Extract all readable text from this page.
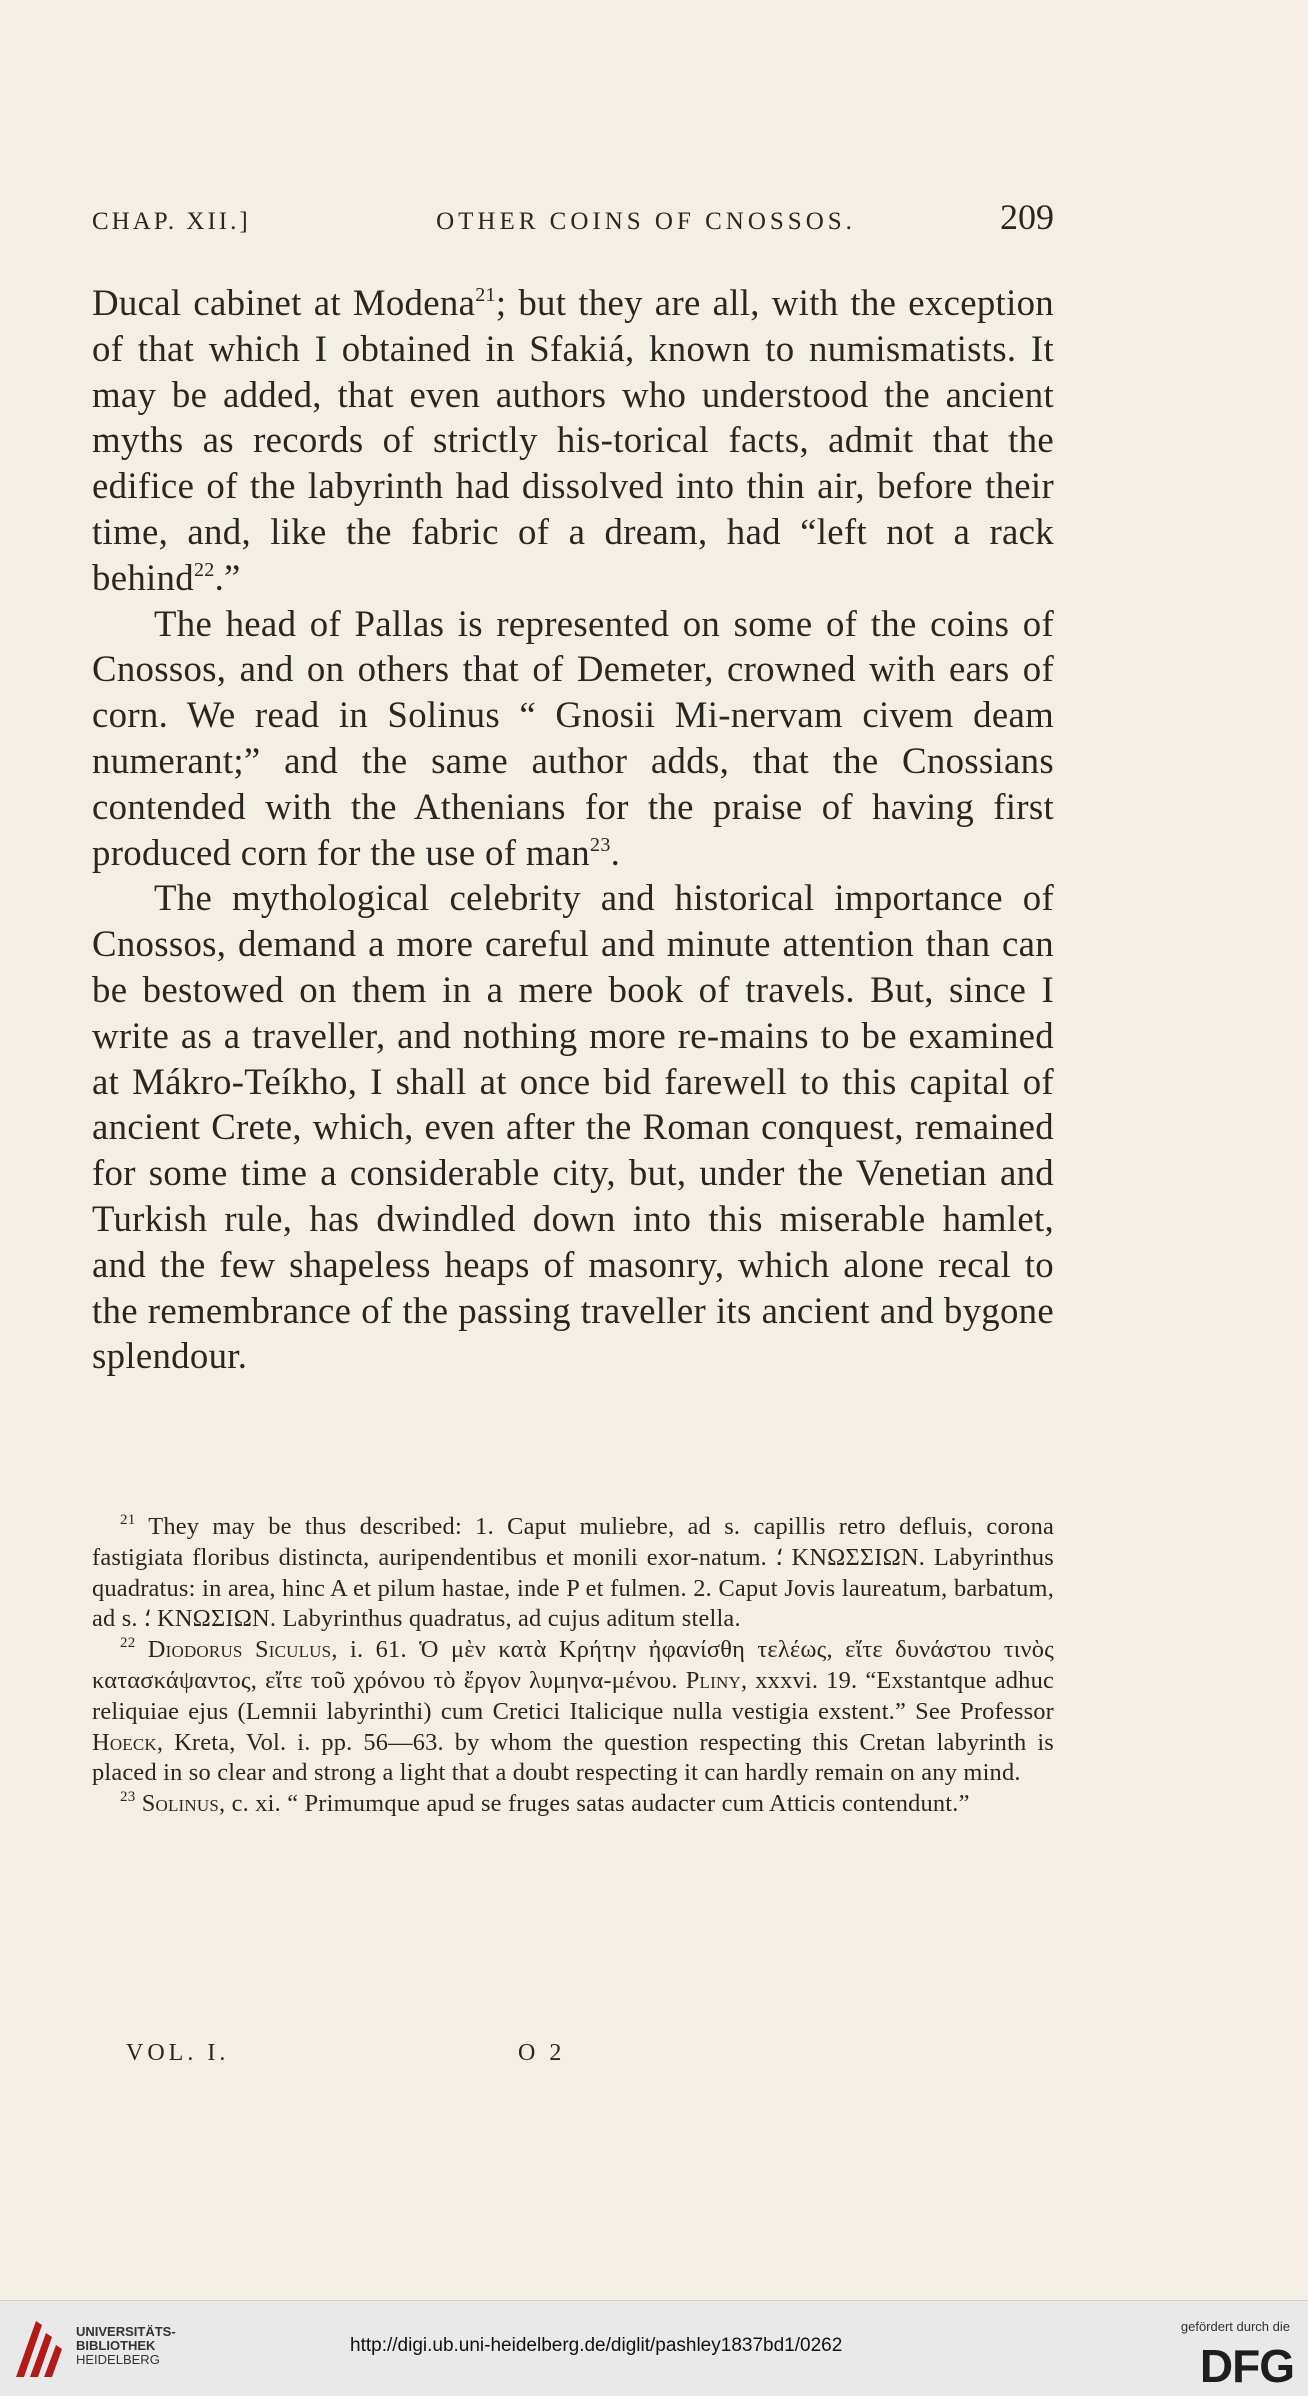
CHAP. XII.]	OTHER COINS OF CNOSSOS.	209

Ducal cabinet at Modena$^{21}$; but they are all, with the exception of that which I obtained in Sfakiá, known to numismatists. It may be added, that even authors who understood the ancient myths as records of strictly his-torical facts, admit that the edifice of the labyrinth had dissolved into thin air, before their time, and, like the fabric of a dream, had “left not a rack behind$^{22}$.”

The head of Pallas is represented on some of the coins of Cnossos, and on others that of Demeter, crowned with ears of corn. We read in Solinus “ Gnosii Mi-nervam civem deam numerant;” and the same author adds, that the Cnossians contended with the Athenians for the praise of having first produced corn for the use of man$^{23}$.

The mythological celebrity and historical importance of Cnossos, demand a more careful and minute attention than can be bestowed on them in a mere book of travels. But, since I write as a traveller, and nothing more re-mains to be examined at Mákro-Teíkho, I shall at once bid farewell to this capital of ancient Crete, which, even after the Roman conquest, remained for some time a considerable city, but, under the Venetian and Turkish rule, has dwindled down into this miserable hamlet, and the few shapeless heaps of masonry, which alone recal to the remembrance of the passing traveller its ancient and bygone splendour.

$^{21}$ They may be thus described: 1. Caput muliebre, ad s. capillis retro defluis, corona fastigiata floribus distincta, auripendentibus et monili exor-natum. ⸵ ΚΝΩΣΣΙΩΝ. Labyrinthus quadratus: in area, hinc A et pilum hastae, inde P et fulmen. 2. Caput Jovis laureatum, barbatum, ad s. ⸵ ΚΝΩΣΙΩΝ. Labyrinthus quadratus, ad cujus aditum stella.

$^{22}$ Diodorus Siculus, i. 61. Ὁ μὲν κατὰ Κρήτην ἠφανίσθη τελέως, εἴτε δυνάστου τινὸς κατασκάψαντος, εἴτε τοῦ χρόνου τὸ ἔργον λυμηνα-μένου. Pliny, xxxvi. 19. “Exstantque adhuc reliquiae ejus (Lemnii labyrinthi) cum Cretici Italicique nulla vestigia exstent.” See Professor Hoeck, Kreta, Vol. i. pp. 56—63. by whom the question respecting this Cretan labyrinth is placed in so clear and strong a light that a doubt respecting it can hardly remain on any mind.

$^{23}$ Solinus, c. xi. “ Primumque apud se fruges satas audacter cum Atticis contendunt.”

VOL. I.	O 2
UNIVERSITÄTS-
BIBLIOTHEK
HEIDELBERG
http://digi.ub.uni-heidelberg.de/diglit/pashley1837bd1/0262
gefördert durch die
DFG
